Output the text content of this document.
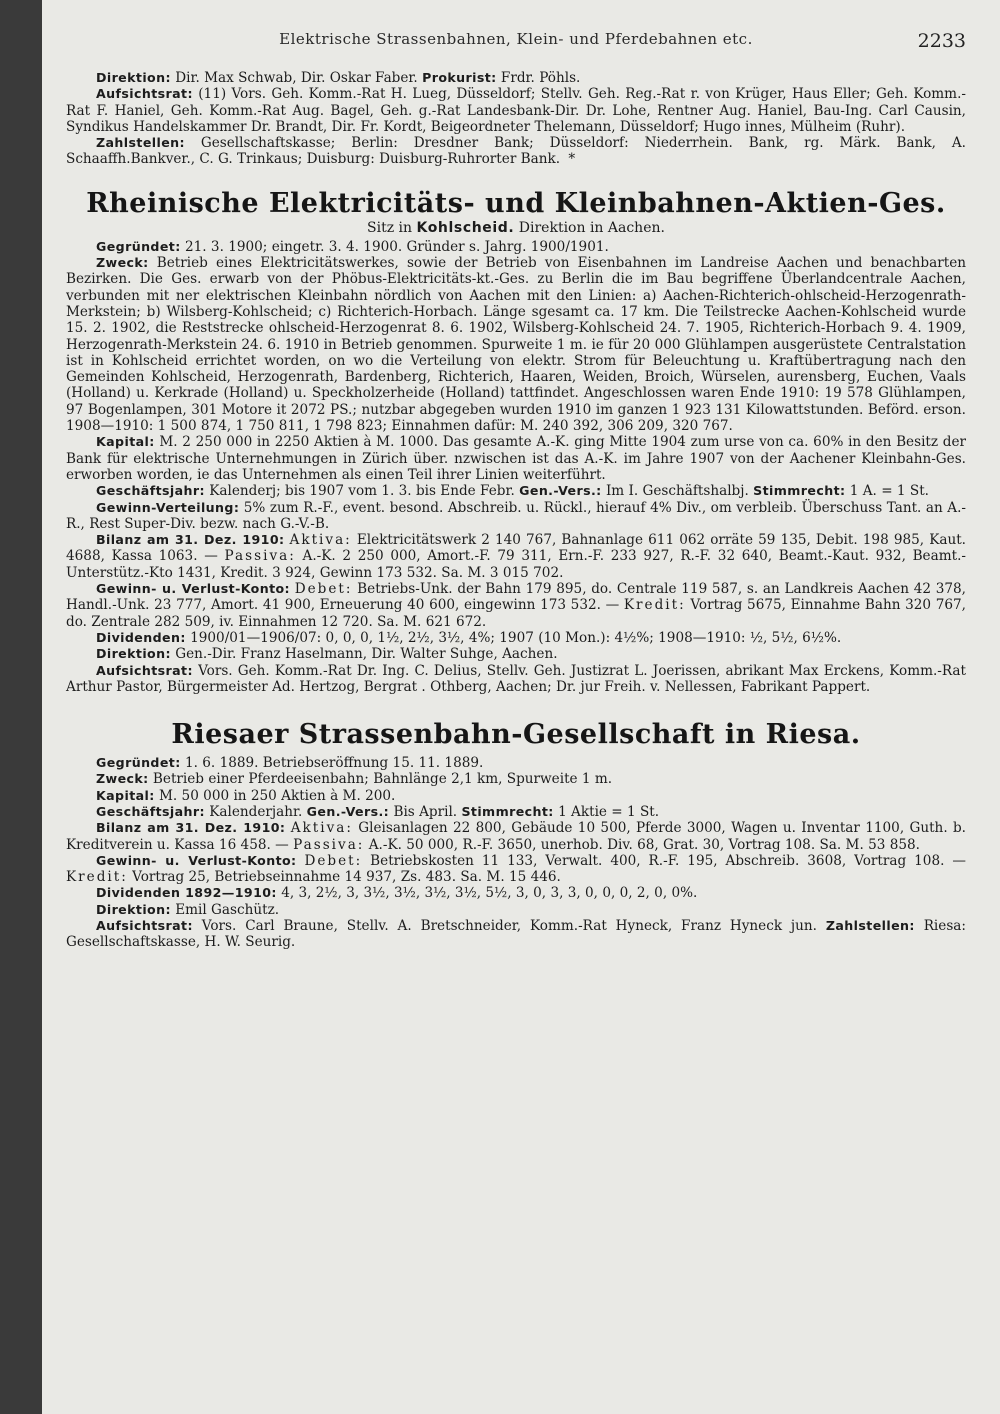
Elektrische Strassenbahnen, Klein- und Pferdebahnen etc.	2233

Direktion: Dir. Max Schwab, Dir. Oskar Faber. Prokurist: Frdr. Pöhls.

Aufsichtsrat: (11) Vors. Geh. Komm.-Rat H. Lueg, Düsseldorf; Stellv. Geh. Reg.-Rat r. von Krüger, Haus Eller; Geh. Komm.-Rat F. Haniel, Geh. Komm.-Rat Aug. Bagel, Geh. g.-Rat Landesbank-Dir. Dr. Lohe, Rentner Aug. Haniel, Bau-Ing. Carl Causin, Syndikus Handelskammer Dr. Brandt, Dir. Fr. Kordt, Beigeordneter Thelemann, Düsseldorf; Hugo innes, Mülheim (Ruhr).

Zahlstellen: Gesellschaftskasse; Berlin: Dresdner Bank; Düsseldorf: Niederrhein. Bank, rg. Märk. Bank, A. Schaaffh.Bankver., C. G. Trinkaus; Duisburg: Duisburg-Ruhrorter Bank. *

Rheinische Elektricitäts- und Kleinbahnen-Aktien-Ges.

Sitz in Kohlscheid. Direktion in Aachen.

Gegründet: 21. 3. 1900; eingetr. 3. 4. 1900. Gründer s. Jahrg. 1900/1901.

Zweck: Betrieb eines Elektricitätswerkes, sowie der Betrieb von Eisenbahnen im Landreise Aachen und benachbarten Bezirken. Die Ges. erwarb von der Phöbus-Elektricitäts-kt.-Ges. zu Berlin die im Bau begriffene Überlandcentrale Aachen, verbunden mit ner elektrischen Kleinbahn nördlich von Aachen mit den Linien: a) Aachen-Richterich-ohlscheid-Herzogenrath-Merkstein; b) Wilsberg-Kohlscheid; c) Richterich-Horbach. Länge sgesamt ca. 17 km. Die Teilstrecke Aachen-Kohlscheid wurde 15. 2. 1902, die Reststrecke ohlscheid-Herzogenrat 8. 6. 1902, Wilsberg-Kohlscheid 24. 7. 1905, Richterich-Horbach 9. 4. 1909, Herzogenrath-Merkstein 24. 6. 1910 in Betrieb genommen. Spurweite 1 m. ie für 20 000 Glühlampen ausgerüstete Centralstation ist in Kohlscheid errichtet worden, on wo die Verteilung von elektr. Strom für Beleuchtung u. Kraftübertragung nach den Gemeinden Kohlscheid, Herzogenrath, Bardenberg, Richterich, Haaren, Weiden, Broich, Würselen, aurensberg, Euchen, Vaals (Holland) u. Kerkrade (Holland) u. Speckholzerheide (Holland) tattfindet. Angeschlossen waren Ende 1910: 19 578 Glühlampen, 97 Bogenlampen, 301 Motore it 2072 PS.; nutzbar abgegeben wurden 1910 im ganzen 1 923 131 Kilowattstunden. Beförd. erson. 1908—1910: 1 500 874, 1 750 811, 1 798 823; Einnahmen dafür: M. 240 392, 306 209, 320 767.

Kapital: M. 2 250 000 in 2250 Aktien à M. 1000. Das gesamte A.-K. ging Mitte 1904 zum urse von ca. 60% in den Besitz der Bank für elektrische Unternehmungen in Zürich über. nzwischen ist das A.-K. im Jahre 1907 von der Aachener Kleinbahn-Ges. erworben worden, ie das Unternehmen als einen Teil ihrer Linien weiterführt.

Geschäftsjahr: Kalenderj; bis 1907 vom 1. 3. bis Ende Febr. Gen.-Vers.: Im I. Geschäftshalbj. Stimmrecht: 1 A. = 1 St.

Gewinn-Verteilung: 5% zum R.-F., event. besond. Abschreib. u. Rückl., hierauf 4% Div., om verbleib. Überschuss Tant. an A.-R., Rest Super-Div. bezw. nach G.-V.-B.

Bilanz am 31. Dez. 1910: Aktiva: Elektricitätswerk 2 140 767, Bahnanlage 611 062 orräte 59 135, Debit. 198 985, Kaut. 4688, Kassa 1063. — Passiva: A.-K. 2 250 000, Amort.-F. 79 311, Ern.-F. 233 927, R.-F. 32 640, Beamt.-Kaut. 932, Beamt.-Unterstütz.-Kto 1431, Kredit. 3 924, Gewinn 173 532. Sa. M. 3 015 702.

Gewinn- u. Verlust-Konto: Debet: Betriebs-Unk. der Bahn 179 895, do. Centrale 119 587, s. an Landkreis Aachen 42 378, Handl.-Unk. 23 777, Amort. 41 900, Erneuerung 40 600, eingewinn 173 532. — Kredit: Vortrag 5675, Einnahme Bahn 320 767, do. Zentrale 282 509, iv. Einnahmen 12 720. Sa. M. 621 672.

Dividenden: 1900/01—1906/07: 0, 0, 0, 1½, 2½, 3½, 4%; 1907 (10 Mon.): 4½%; 1908—1910: ½, 5½, 6½%.

Direktion: Gen.-Dir. Franz Haselmann, Dir. Walter Suhge, Aachen.

Aufsichtsrat: Vors. Geh. Komm.-Rat Dr. Ing. C. Delius, Stellv. Geh. Justizrat L. Joerissen, abrikant Max Erckens, Komm.-Rat Arthur Pastor, Bürgermeister Ad. Hertzog, Bergrat . Othberg, Aachen; Dr. jur Freih. v. Nellessen, Fabrikant Pappert.

Riesaer Strassenbahn-Gesellschaft in Riesa.

Gegründet: 1. 6. 1889. Betriebseröffnung 15. 11. 1889.

Zweck: Betrieb einer Pferdeeisenbahn; Bahnlänge 2,1 km, Spurweite 1 m.

Kapital: M. 50 000 in 250 Aktien à M. 200.

Geschäftsjahr: Kalenderjahr. Gen.-Vers.: Bis April. Stimmrecht: 1 Aktie = 1 St.

Bilanz am 31. Dez. 1910: Aktiva: Gleisanlagen 22 800, Gebäude 10 500, Pferde 3000, Wagen u. Inventar 1100, Guth. b. Kreditverein u. Kassa 16 458. — Passiva: A.-K. 50 000, R.-F. 3650, unerhob. Div. 68, Grat. 30, Vortrag 108. Sa. M. 53 858.

Gewinn- u. Verlust-Konto: Debet: Betriebskosten 11 133, Verwalt. 400, R.-F. 195, Abschreib. 3608, Vortrag 108. — Kredit: Vortrag 25, Betriebseinnahme 14 937, Zs. 483. Sa. M. 15 446.

Dividenden 1892—1910: 4, 3, 2½, 3, 3½, 3½, 3½, 3½, 5½, 3, 0, 3, 3, 0, 0, 0, 2, 0, 0%.

Direktion: Emil Gaschütz.

Aufsichtsrat: Vors. Carl Braune, Stellv. A. Bretschneider, Komm.-Rat Hyneck, Franz Hyneck jun. Zahlstellen: Riesa: Gesellschaftskasse, H. W. Seurig.
